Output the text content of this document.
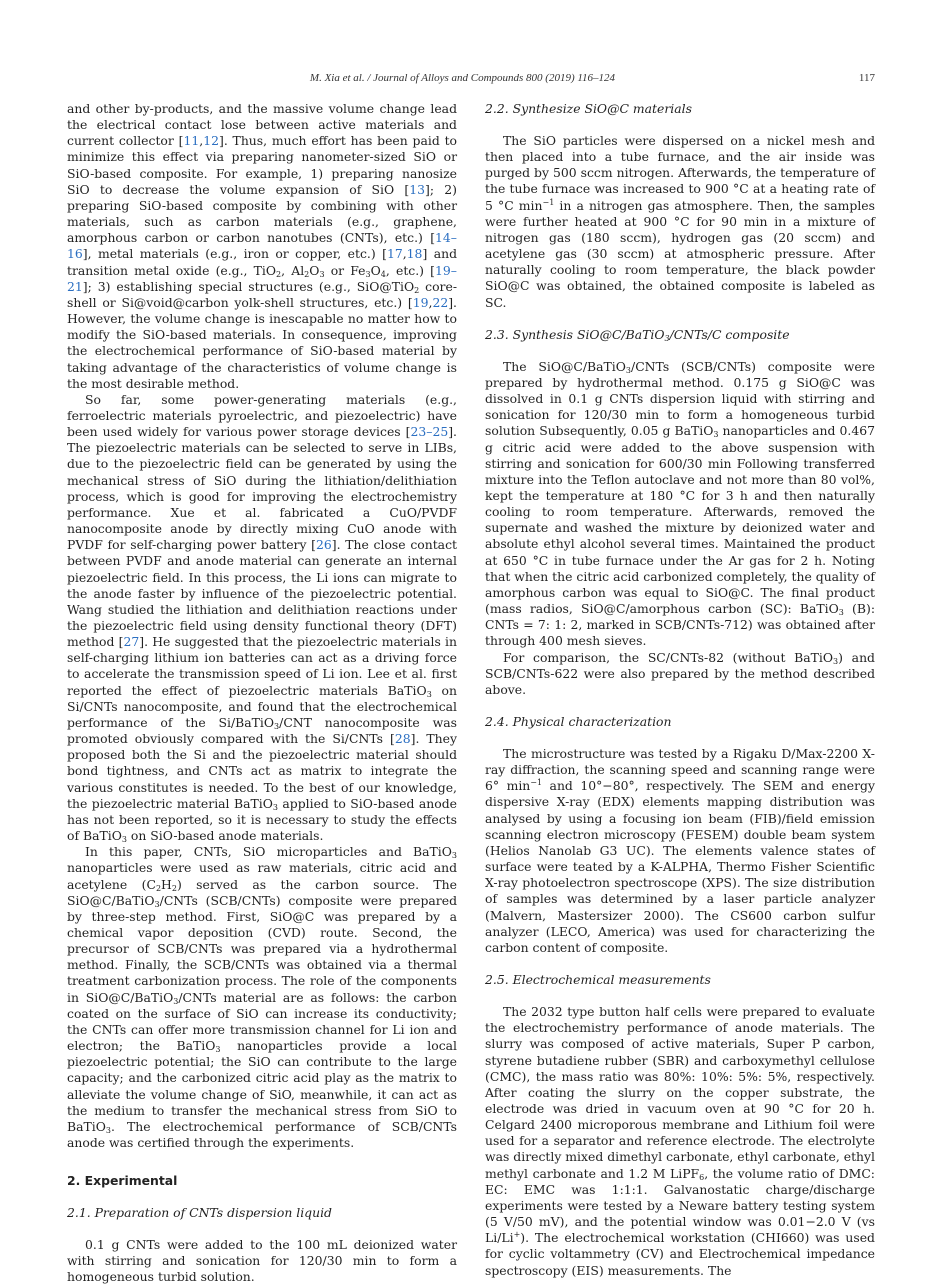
M. Xia et al. / Journal of Alloys and Compounds 800 (2019) 116–124	117

and other by-products, and the massive volume change lead the electrical contact lose between active materials and current collector [11,12]. Thus, much effort has been paid to minimize this effect via preparing nanometer-sized SiO or SiO-based composite. For example, 1) preparing nanosize SiO to decrease the volume expansion of SiO [13]; 2) preparing SiO-based composite by combining with other materials, such as carbon materials (e.g., graphene, amorphous carbon or carbon nanotubes (CNTs), etc.) [14–16], metal materials (e.g., iron or copper, etc.) [17,18] and transition metal oxide (e.g., TiO$_2$, $Al_2O_3$ or $Fe_3O_4$, etc.) [19–21]; 3) establishing special structures (e.g., SiO@TiO$_2$ core-shell or Si@void@carbon yolk-shell structures, etc.) [19,22]. However, the volume change is inescapable no matter how to modify the SiO-based materials. In consequence, improving the electrochemical performance of SiO-based material by taking advantage of the characteristics of volume change is the most desirable method.

So far, some power-generating materials (e.g., ferroelectric materials pyroelectric, and piezoelectric) have been used widely for various power storage devices [23–25]. The piezoelectric materials can be selected to serve in LIBs, due to the piezoelectric field can be generated by using the mechanical stress of SiO during the lithiation/delithiation process, which is good for improving the electrochemistry performance. Xue et al. fabricated a CuO/PVDF nanocomposite anode by directly mixing CuO anode with PVDF for self-charging power battery [26]. The close contact between PVDF and anode material can generate an internal piezoelectric field. In this process, the Li ions can migrate to the anode faster by influence of the piezoelectric potential. Wang studied the lithiation and delithiation reactions under the piezoelectric field using density functional theory (DFT) method [27]. He suggested that the piezoelectric materials in self-charging lithium ion batteries can act as a driving force to accelerate the transmission speed of Li ion. Lee et al. first reported the effect of piezoelectric materials BaTiO$_3$ on Si/CNTs nanocomposite, and found that the electrochemical performance of the Si/BaTiO$_3$/CNT nanocomposite was promoted obviously compared with the Si/CNTs [28]. They proposed both the Si and the piezoelectric material should bond tightness, and CNTs act as matrix to integrate the various constitutes is needed. To the best of our knowledge, the piezoelectric material BaTiO$_3$ applied to SiO-based anode has not been reported, so it is necessary to study the effects of BaTiO$_3$ on SiO-based anode materials.

In this paper, CNTs, SiO microparticles and BaTiO$_3$ nanoparticles were used as raw materials, citric acid and acetylene $(C_2H_2)$ served as the carbon source. The SiO@C/BaTiO$_3$/CNTs (SCB/CNTs) composite were prepared by three-step method. First, SiO@C was prepared by a chemical vapor deposition (CVD) route. Second, the precursor of SCB/CNTs was prepared via a hydrothermal method. Finally, the SCB/CNTs was obtained via a thermal treatment carbonization process. The role of the components in SiO@C/BaTiO$_3$/CNTs material are as follows: the carbon coated on the surface of SiO can increase its conductivity; the CNTs can offer more transmission channel for Li ion and electron; the BaTiO$_3$ nanoparticles provide a local piezoelectric potential; the SiO can contribute to the large capacity; and the carbonized citric acid play as the matrix to alleviate the volume change of SiO, meanwhile, it can act as the medium to transfer the mechanical stress from SiO to BaTiO$_3$. The electrochemical performance of SCB/CNTs anode was certified through the experiments.

2. Experimental
2.1. Preparation of CNTs dispersion liquid

0.1 g CNTs were added to the 100 mL deionized water with stirring and sonication for 120/30 min to form a homogeneous turbid solution.

2.2. Synthesize SiO@C materials

The SiO particles were dispersed on a nickel mesh and then placed into a tube furnace, and the air inside was purged by 500 sccm nitrogen. Afterwards, the temperature of the tube furnace was increased to 900 °C at a heating rate of 5 °C $\min^{-1}$ in a nitrogen gas atmosphere. Then, the samples were further heated at 900 °C for 90 min in a mixture of nitrogen gas (180 sccm), hydrogen gas (20 sccm) and acetylene gas (30 sccm) at atmospheric pressure. After naturally cooling to room temperature, the black powder SiO@C was obtained, the obtained composite is labeled as SC.

2.3. Synthesis SiO@C/BaTiO$_3$/CNTs/C composite

The SiO@C/BaTiO$_3$/CNTs (SCB/CNTs) composite were prepared by hydrothermal method. 0.175 g SiO@C was dissolved in 0.1 g CNTs dispersion liquid with stirring and sonication for 120/30 min to form a homogeneous turbid solution Subsequently, 0.05 g BaTiO$_3$ nanoparticles and 0.467 g citric acid were added to the above suspension with stirring and sonication for 600/30 min Following transferred mixture into the Teflon autoclave and not more than 80 vol%, kept the temperature at 180 °C for 3 h and then naturally cooling to room temperature. Afterwards, removed the supernate and washed the mixture by deionized water and absolute ethyl alcohol several times. Maintained the product at 650 °C in tube furnace under the Ar gas for 2 h. Noting that when the citric acid carbonized completely, the quality of amorphous carbon was equal to SiO@C. The final product (mass radios, SiO@C/amorphous carbon (SC): BaTiO$_3$ (B): CNTs = 7: 1: 2, marked in SCB/CNTs-712) was obtained after through 400 mesh sieves.

For comparison, the SC/CNTs-82 (without BaTiO$_3$) and SCB/CNTs-622 were also prepared by the method described above.

2.4. Physical characterization

The microstructure was tested by a Rigaku D/Max-2200 X-ray diffraction, the scanning speed and scanning range were 6° $\min^{-1}$ and 10°−80°, respectively. The SEM and energy dispersive X-ray (EDX) elements mapping distribution was analysed by using a focusing ion beam (FIB)/field emission scanning electron microscopy (FESEM) double beam system (Helios Nanolab G3 UC). The elements valence states of surface were teated by a K-ALPHA, Thermo Fisher Scientific X-ray photoelectron spectroscope (XPS). The size distribution of samples was determined by a laser particle analyzer (Malvern, Mastersizer 2000). The CS600 carbon sulfur analyzer (LECO, America) was used for characterizing the carbon content of composite.

2.5. Electrochemical measurements

The 2032 type button half cells were prepared to evaluate the electrochemistry performance of anode materials. The slurry was composed of active materials, Super P carbon, styrene butadiene rubber (SBR) and carboxymethyl cellulose (CMC), the mass ratio was 80%: 10%: 5%: 5%, respectively. After coating the slurry on the copper substrate, the electrode was dried in vacuum oven at 90 °C for 20 h. Celgard 2400 microporous membrane and Lithium foil were used for a separator and reference electrode. The electrolyte was directly mixed dimethyl carbonate, ethyl carbonate, ethyl methyl carbonate and 1.2 M LiPF$_6$, the volume ratio of DMC: EC: EMC was 1:1:1. Galvanostatic charge/discharge experiments were tested by a Neware battery testing system (5 V/50 mV), and the potential window was 0.01−2.0 V (vs Li/Li+). The electrochemical workstation (CHI660) was used for cyclic voltammetry (CV) and Electrochemical impedance spectroscopy (EIS) measurements. The
